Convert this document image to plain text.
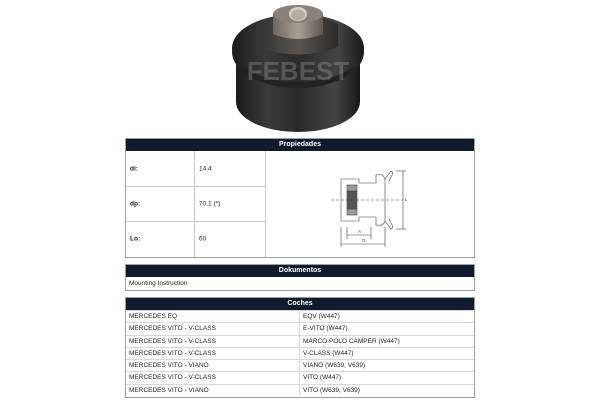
FEBEST
Propiedades
di:	14.4
dp:	70.1 (*)
Lo:	60
A
D
L
Dokumentos
Mounting Instruction
Coches
MERCEDES EQ	EQV (W447)
MERCEDES VITO - V-CLASS	E-VITO (W447)
MERCEDES VITO - V-CLASS	MARCO POLO CAMPER (W447)
MERCEDES VITO - V-CLASS	V-CLASS (W447)
MERCEDES VITO - VIANO	VIANO (W639, V639)
MERCEDES VITO - V-CLASS	VITO (W447)
MERCEDES VITO - VIANO	VITO (W639, V639)
